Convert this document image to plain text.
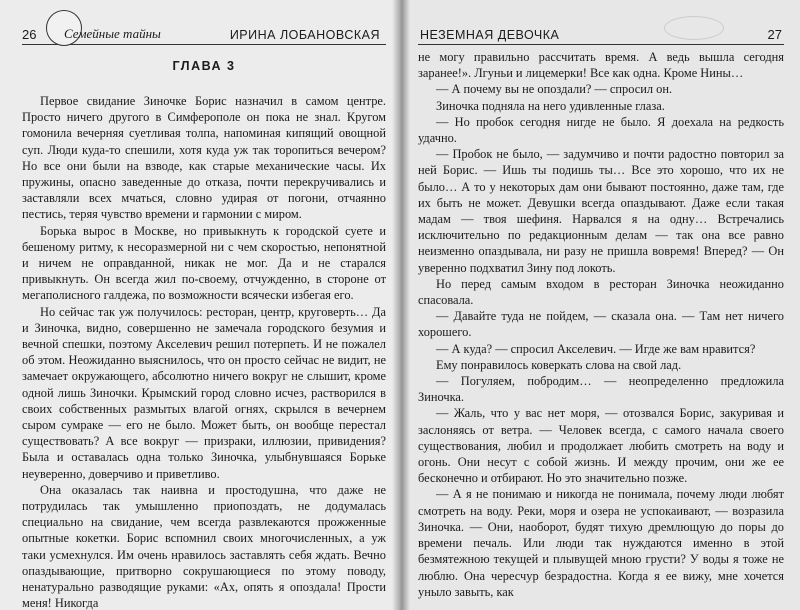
26 Семейные тайны	ИРИНА ЛОБАНОВСКАЯ
ГЛАВА 3

Первое свидание Зиночке Борис назначил в самом центре. Просто ничего другого в Симферополе он пока не знал. Кругом гомонила вечерняя суетливая толпа, напоминая кипящий овощной суп. Люди куда-то спешили, хотя куда уж так торопиться вечером? Но все они были на взводе, как старые механические часы. Их пружины, опасно заведенные до отказа, почти перекручивались и заставляли всех мчаться, словно удирая от погони, отчаянно пестись, теряя чувство времени и гармонии с миром.

Борька вырос в Москве, но привыкнуть к городской суете и бешеному ритму, к несоразмерной ни с чем скоростью, непонятной и ничем не оправданной, никак не мог. Да и не старался привыкнуть. Он всегда жил по-своему, отчужденно, в стороне от мегаполисного галдежа, по возможности всячески избегая его.

Но сейчас так уж получилось: ресторан, центр, круговерть… Да и Зиночка, видно, совершенно не замечала городского безумия и вечной спешки, поэтому Акселевич решил потерпеть. И не пожалел об этом. Неожиданно выяснилось, что он просто сейчас не видит, не замечает окружающего, абсолютно ничего вокруг не слышит, кроме одной лишь Зиночки. Крымский город словно исчез, растворился в своих собственных размытых влагой огнях, скрылся в вечернем сыром сумраке — его не было. Может быть, он вообще перестал существовать? А все вокруг — призраки, иллюзии, привидения? Была и оставалась одна только Зиночка, улыбнувшаяся Борьке неуверенно, доверчиво и приветливо.

Она оказалась так наивна и простодушна, что даже не потрудилась так умышленно приопоздать, не додумалась специально на свидание, чем всегда развлекаются прожженные опытные кокетки. Борис вспомнил своих многочисленных, а уж таки усмехнулся. Им очень нравилось заставлять себя ждать. Вечно опаздывающие, притворно сокрушающиеся по этому поводу, ненатурально разводящие руками: «Ах, опять я опоздала! Прости меня! Никогда

НЕЗЕМНАЯ ДЕВОЧКА	27

не могу правильно рассчитать время. А ведь вышла сегодня заранее!». Лгуньи и лицемерки! Все как одна. Кроме Нины…

— А почему вы не опоздали? — спросил он.

Зиночка подняла на него удивленные глаза.

— Но пробок сегодня нигде не было. Я доехала на редкость удачно.

— Пробок не было, — задумчиво и почти радостно повторил за ней Борис. — Ишь ты подишь ты… Все это хорошо, что их не было… А то у некоторых дам они бывают постоянно, даже там, где их быть не может. Девушки всегда опаздывают. Даже если такая мадам — твоя шефиня. Нарвался я на одну… Встречались исключительно по редакционным делам — так она все равно неизменно опаздывала, ни разу не пришла вовремя! Вперед? — Он уверенно подхватил Зину под локоть.

Но перед самым входом в ресторан Зиночка неожиданно спасовала.

— Давайте туда не пойдем, — сказала она. — Там нет ничего хорошего.

— А куда? — спросил Акселевич. — Игде же вам нравится?

Ему понравилось коверкать слова на свой лад.

— Погуляем, побродим… — неопределенно предложила Зиночка.

— Жаль, что у вас нет моря, — отозвался Борис, закуривая и заслоняясь от ветра. — Человек всегда, с самого начала своего существования, любил и продолжает любить смотреть на воду и огонь. Они несут с собой жизнь. И между прочим, они же ее бесконечно и отбирают. Но это значительно позже.

— А я не понимаю и никогда не понимала, почему люди любят смотреть на воду. Реки, моря и озера не успокаивают, — возразила Зиночка. — Они, наоборот, будят тихую дремлющую до поры до времени печаль. Или люди так нуждаются именно в этой безмятежною текущей и плывущей мною грусти? У воды я тоже не люблю. Она чересчур безрадостна. Когда я ее вижу, мне хочется уныло завыть, как
